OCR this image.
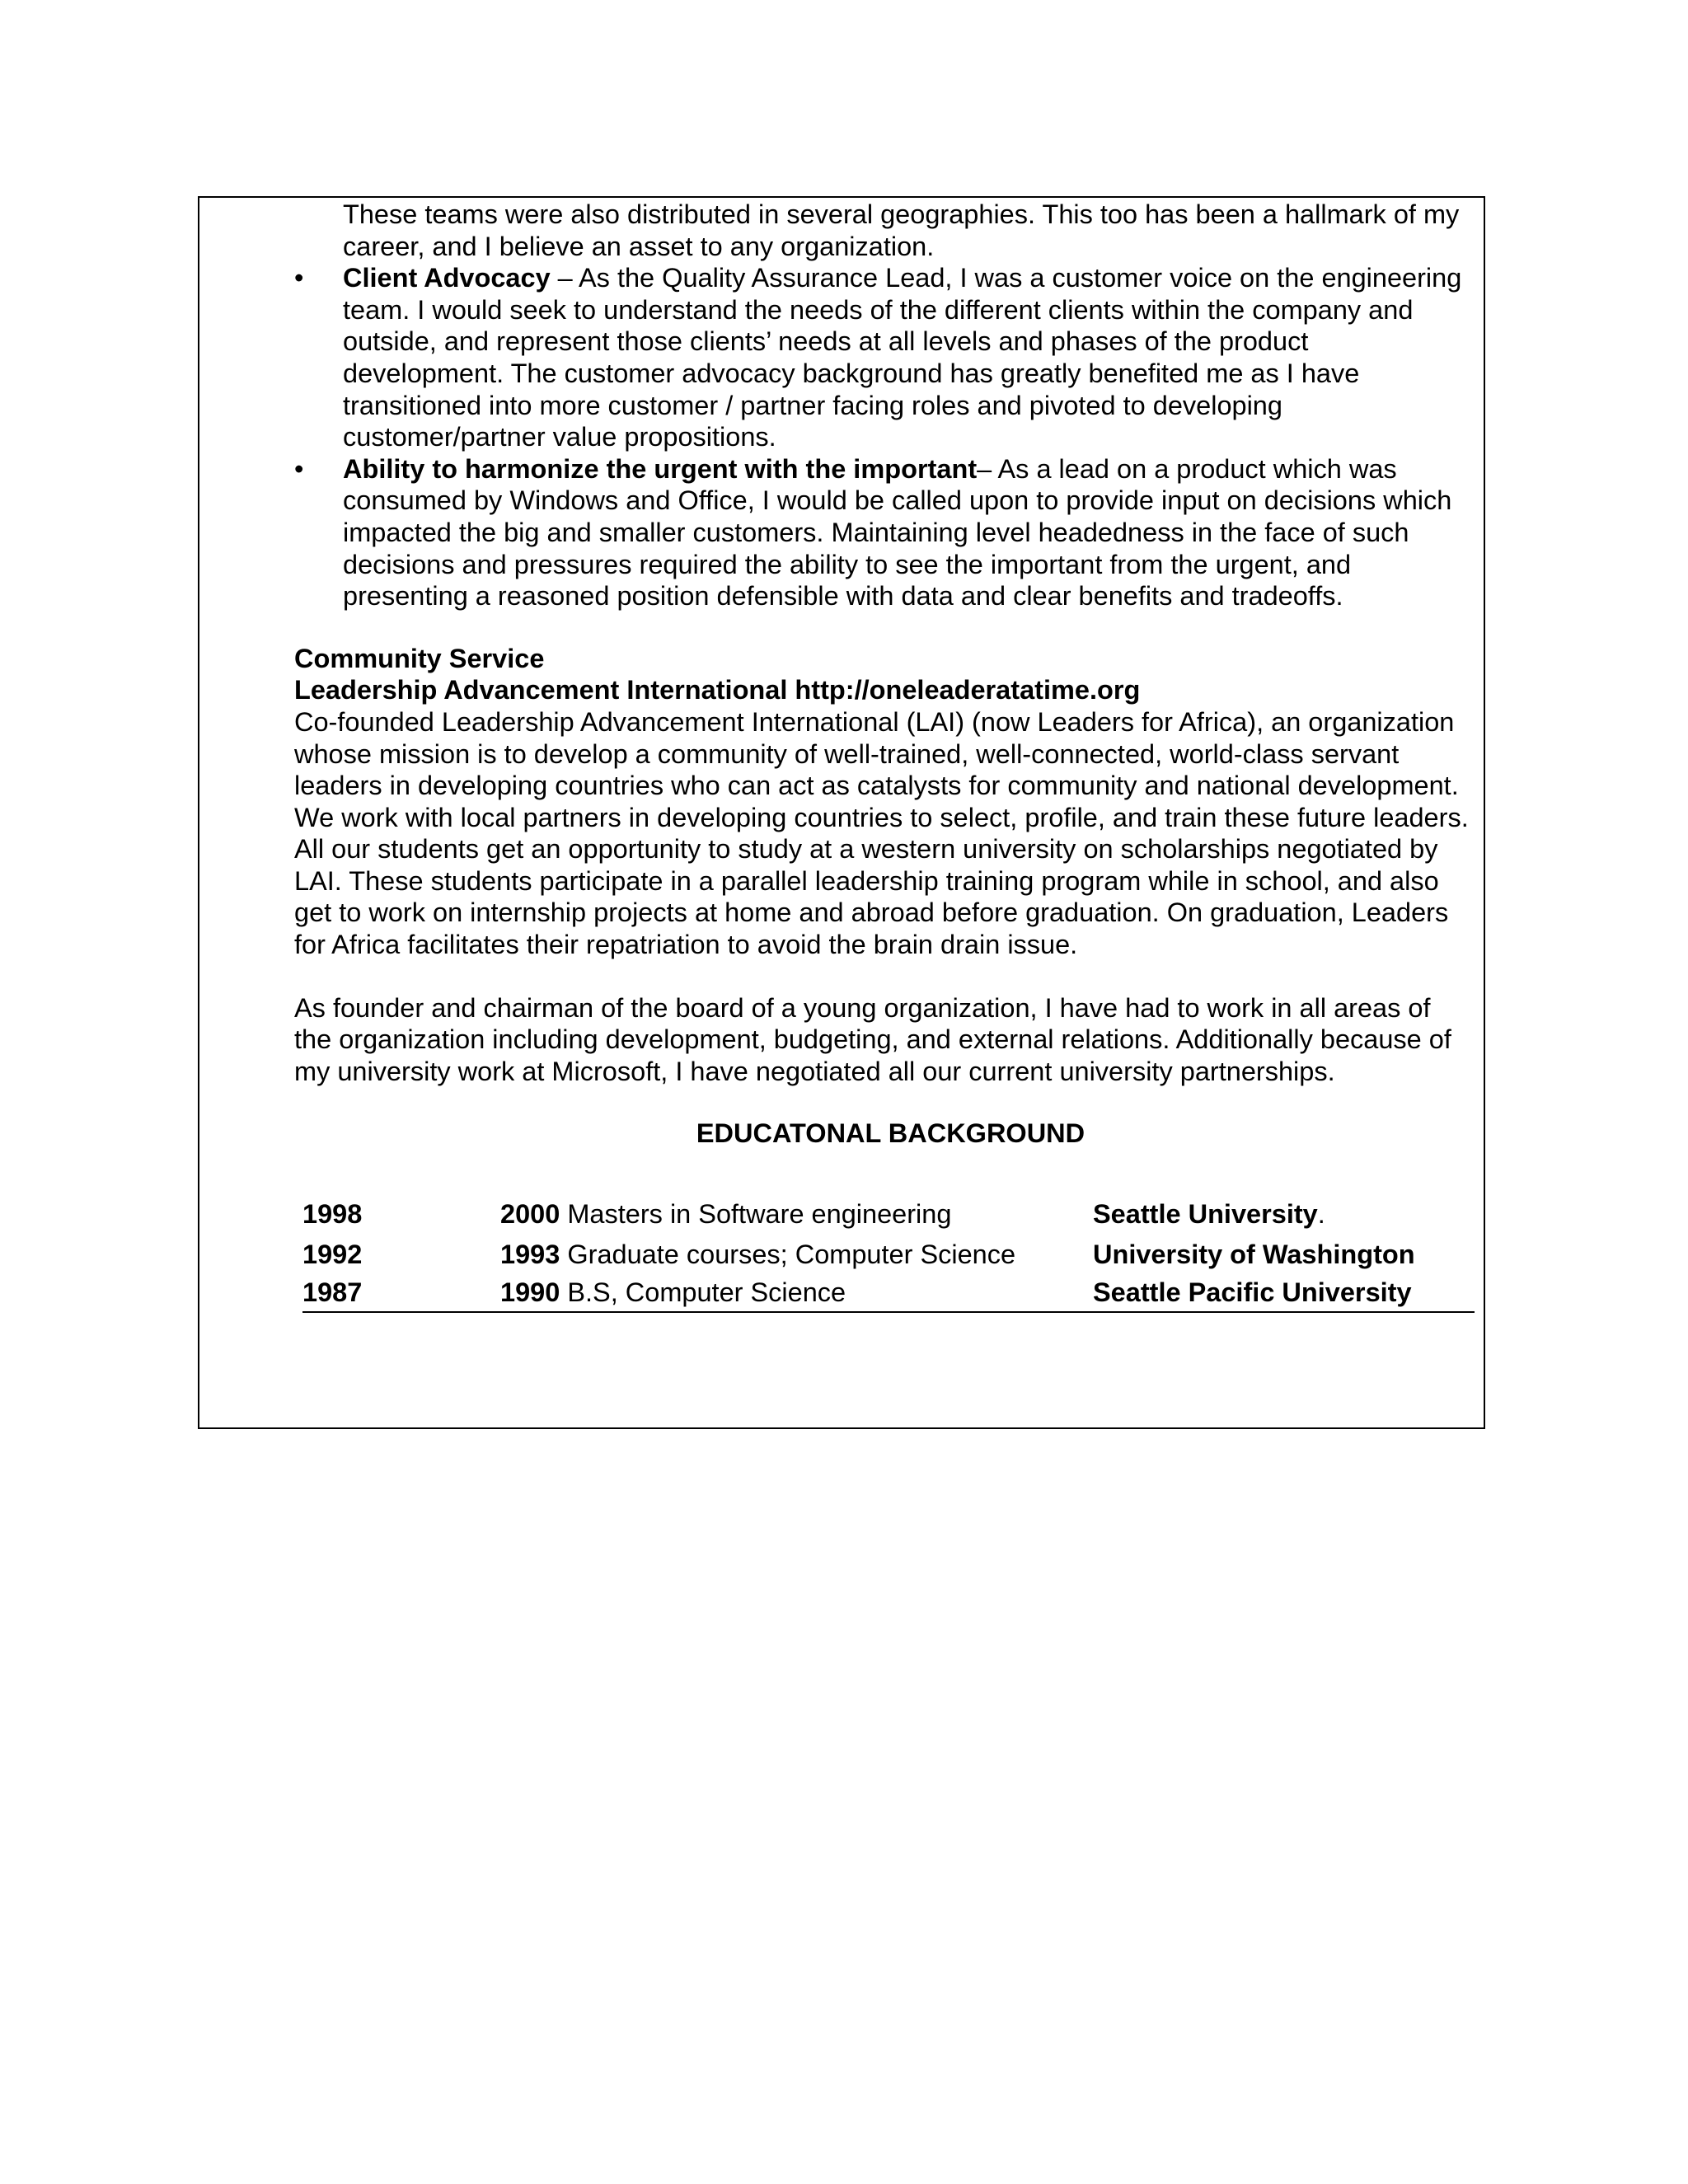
These teams were also distributed in several geographies. This too has been a hallmark of my career, and I believe an asset to any organization.

•	Client Advocacy – As the Quality Assurance Lead, I was a customer voice on the engineering team. I would seek to understand the needs of the different clients within the company and outside, and represent those clients’ needs at all levels and phases of the product development. The customer advocacy background has greatly benefited me as I have transitioned into more customer / partner facing roles and pivoted to developing customer/partner value propositions.
•	Ability to harmonize the urgent with the important– As a lead on a product which was consumed by Windows and Office, I would be called upon to provide input on decisions which impacted the big and smaller customers. Maintaining level headedness in the face of such decisions and pressures required the ability to see the important from the urgent, and presenting a reasoned position defensible with data and clear benefits and tradeoffs.

Community Service

Leadership Advancement International http://oneleaderatatime.org

Co-founded Leadership Advancement International (LAI) (now Leaders for Africa), an organization whose mission is to develop a community of well-trained, well-connected, world-class servant leaders in developing countries who can act as catalysts for community and national development. We work with local partners in developing countries to select, profile, and train these future leaders. All our students get an opportunity to study at a western university on scholarships negotiated by LAI. These students participate in a parallel leadership training program while in school, and also get to work on internship projects at home and abroad before graduation. On graduation, Leaders for Africa facilitates their repatriation to avoid the brain drain issue.

As founder and chairman of the board of a young organization, I have had to work in all areas of the organization including development, budgeting, and external relations. Additionally because of my university work at Microsoft, I have negotiated all our current university partnerships.

EDUCATONAL BACKGROUND

1998	2000 Masters in Software engineering	Seattle University.
1992	1993 Graduate courses; Computer Science	University of Washington
1987	1990 B.S, Computer Science	Seattle Pacific University
